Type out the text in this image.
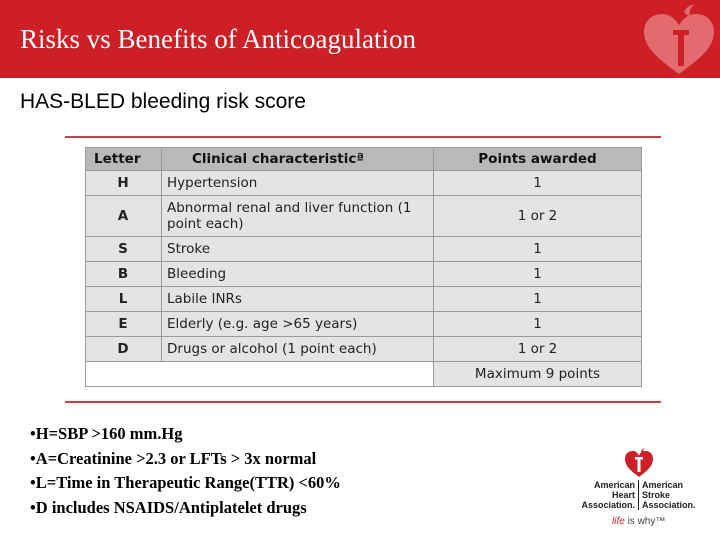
Risks vs Benefits of Anticoagulation
HAS-BLED bleeding risk score
Letter	Clinical characteristicª	Points awarded
H	Hypertension	1
A	Abnormal renal and liver function (1 point each)	1 or 2
S	Stroke	1
B	Bleeding	1
L	Labile INRs	1
E	Elderly (e.g. age >65 years)	1
D	Drugs or alcohol (1 point each)	1 or 2
		Maximum 9 points
• H=SBP >160 mm.Hg
• A=Creatinine >2.3 or LFTs > 3x normal
• L=Time in Therapeutic Range(TTR) <60%
• D includes NSAIDS/Antiplatelet drugs
American Heart Association.
American Stroke Association.
life is why™
